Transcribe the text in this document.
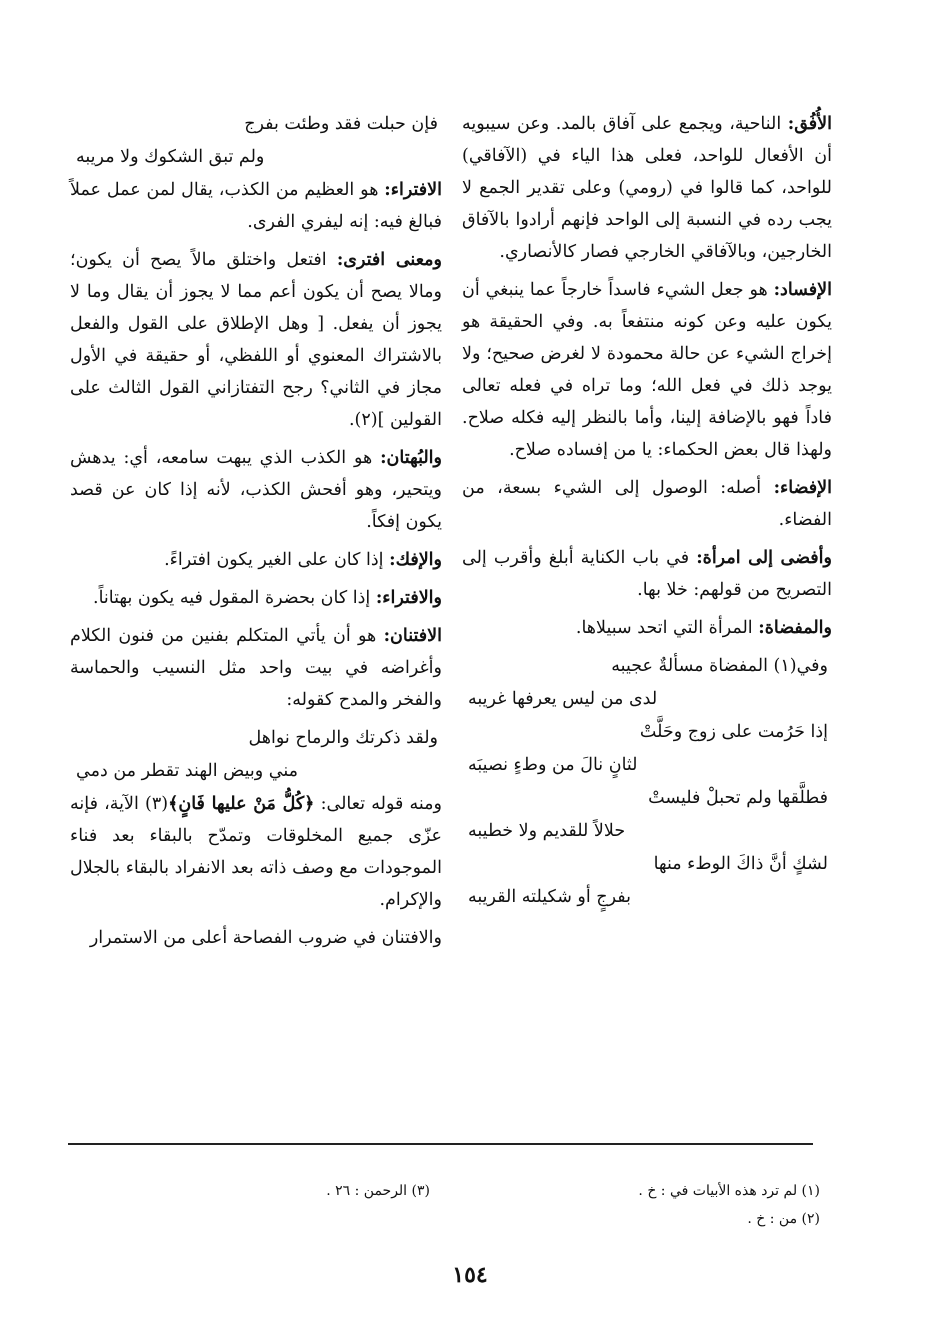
الأُفُق: الناحية، ويجمع على آفاق بالمد. وعن سيبويه أن الأفعال للواحد، فعلى هذا الياء في (الآفاقي) للواحد، كما قالوا في (رومي) وعلى تقدير الجمع لا يجب رده في النسبة إلى الواحد فإنهم أرادوا بالآفاق الخارجين، وبالآفاقي الخارجي فصار كالأنصاري.

الإفساد: هو جعل الشيء فاسداً خارجاً عما ينبغي أن يكون عليه وعن كونه منتفعاً به. وفي الحقيقة هو إخراج الشيء عن حالة محمودة لا لغرض صحيح؛ ولا يوجد ذلك في فعل الله؛ وما تراه في فعله تعالى فاداً فهو بالإضافة إلينا، وأما بالنظر إليه فكله صلاح. ولهذا قال بعض الحكماء: يا من إفساده صلاح.

الإفضاء: أصله: الوصول إلى الشيء بسعة، من الفضاء.

وأفضى إلى امرأة: في باب الكناية أبلغ وأقرب إلى التصريح من قولهم: خلا بها.

والمفضاة: المرأة التي اتحد سبيلاها.

وفي(١) المفضاة مسألةٌ عجيبه
لدى من ليس يعرفها غريبه
إذا حَرُمت على زوج وحَلَّتْ
لثانٍ نالَ من وطءٍ نصيبَه
فطلَّقها ولم تحبلْ فليستْ
حلالاً للقديم ولا خطيبه
لشكٍ أنَّ ذاكَ الوطء منها
بفرجٍ أو شكيلته القريبه
فإن حبلت فقد وطئت بفرج
ولم تبق الشكوك ولا مريبه

الافتراء: هو العظيم من الكذب، يقال لمن عمل عملاً فبالغ فيه: إنه ليفري الفرى.

ومعنى افترى: افتعل واختلق مالاً يصح أن يكون؛ ومالا يصح أن يكون أعم مما لا يجوز أن يقال وما لا يجوز أن يفعل. [ وهل الإطلاق على القول والفعل بالاشتراك المعنوي أو اللفظي، أو حقيقة في الأول مجاز في الثاني؟ رجح التفتازاني القول الثالث على القولين ](٢).

والبُهتان: هو الكذب الذي يبهت سامعه، أي: يدهش ويتحير، وهو أفحش الكذب، لأنه إذا كان عن قصد يكون إفكاً.

والإفك: إذا كان على الغير يكون افتراءً.

والافتراء: إذا كان بحضرة المقول فيه يكون بهتاناً.

الافتنان: هو أن يأتي المتكلم بفنين من فنون الكلام وأغراضه في بيت واحد مثل النسيب والحماسة والفخر والمدح كقوله:

ولقد ذكرتك والرماح نواهل
مني وبيض الهند تقطر من دمي

ومنه قوله تعالى: ﴿كُلُّ مَنْ عليها فَانٍ﴾(٣) الآية، فإنه عزّى جميع المخلوقات وتمدّح بالبقاء بعد فناء الموجودات مع وصف ذاته بعد الانفراد بالبقاء بالجلال والإكرام.

والافتنان في ضروب الفصاحة أعلى من الاستمرار

(١) لم ترد هذه الأبيات في : خ .
(٢) من : خ .
(٣) الرحمن : ٢٦ .
١٥٤
